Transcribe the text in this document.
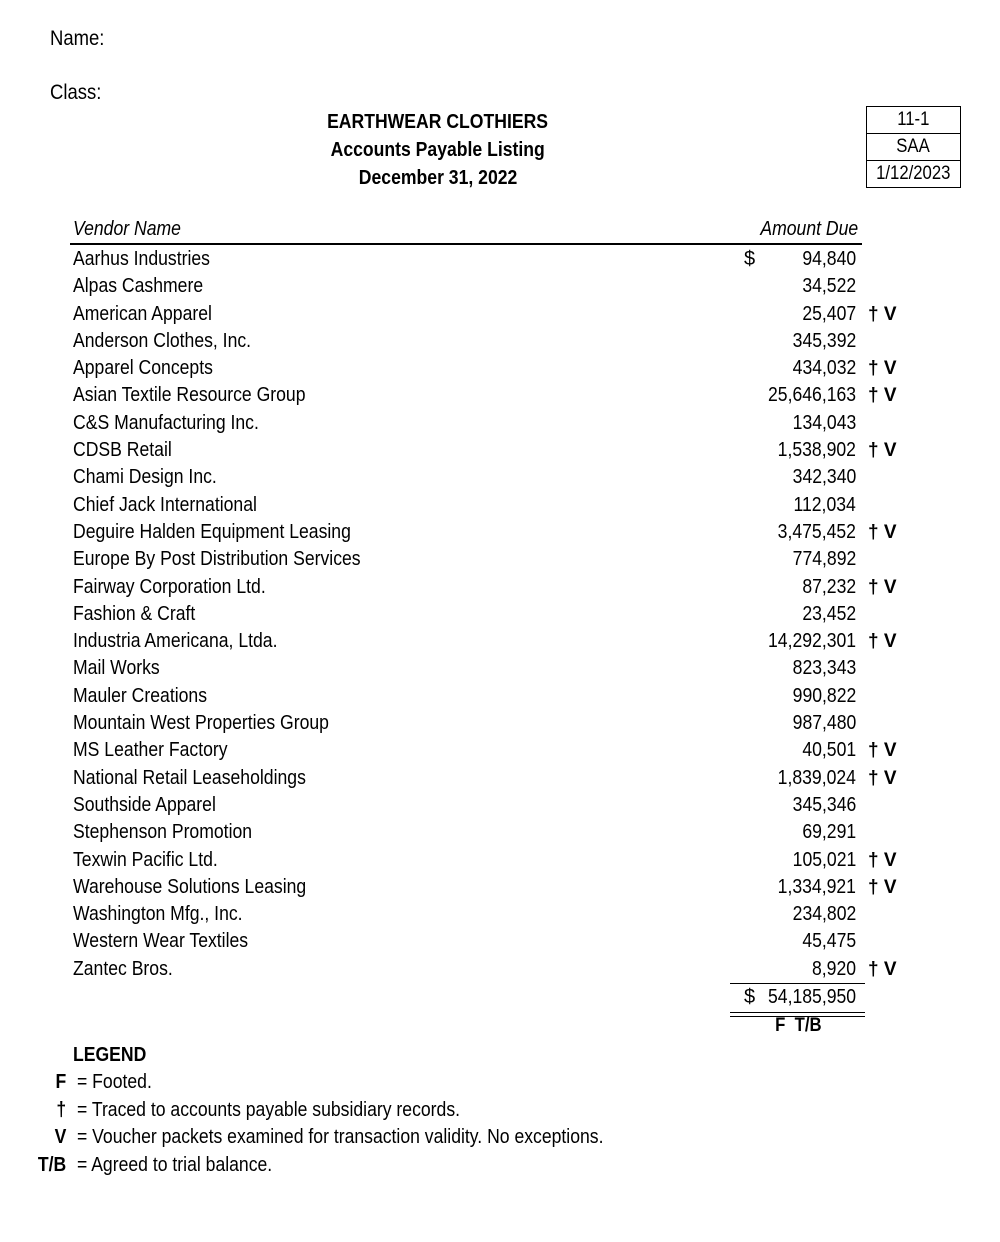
Name:
Class:
EARTHWEAR CLOTHIERS
Accounts Payable Listing
December 31, 2022
11-1
SAA
1/12/2023
Vendor Name	Amount Due
Aarhus Industries	$	94,840
Alpas Cashmere	34,522
American Apparel	25,407 † V
Anderson Clothes, Inc.	345,392
Apparel Concepts	434,032 † V
Asian Textile Resource Group	25,646,163 † V
C&S Manufacturing Inc.	134,043
CDSB Retail	1,538,902 † V
Chami Design Inc.	342,340
Chief Jack International	112,034
Deguire Halden Equipment Leasing	3,475,452 † V
Europe By Post Distribution Services	774,892
Fairway Corporation Ltd.	87,232 † V
Fashion & Craft	23,452
Industria Americana, Ltda.	14,292,301 † V
Mail Works	823,343
Mauler Creations	990,822
Mountain West Properties Group	987,480
MS Leather Factory	40,501 † V
National Retail Leaseholdings	1,839,024 † V
Southside Apparel	345,346
Stephenson Promotion	69,291
Texwin Pacific Ltd.	105,021 † V
Warehouse Solutions Leasing	1,334,921 † V
Washington Mfg., Inc.	234,802
Western Wear Textiles	45,475
Zantec Bros.	8,920 † V
$ 54,185,950
F  T/B
LEGEND
F = Footed.
† = Traced to accounts payable subsidiary records.
V = Voucher packets examined for transaction validity. No exceptions.
T/B = Agreed to trial balance.
